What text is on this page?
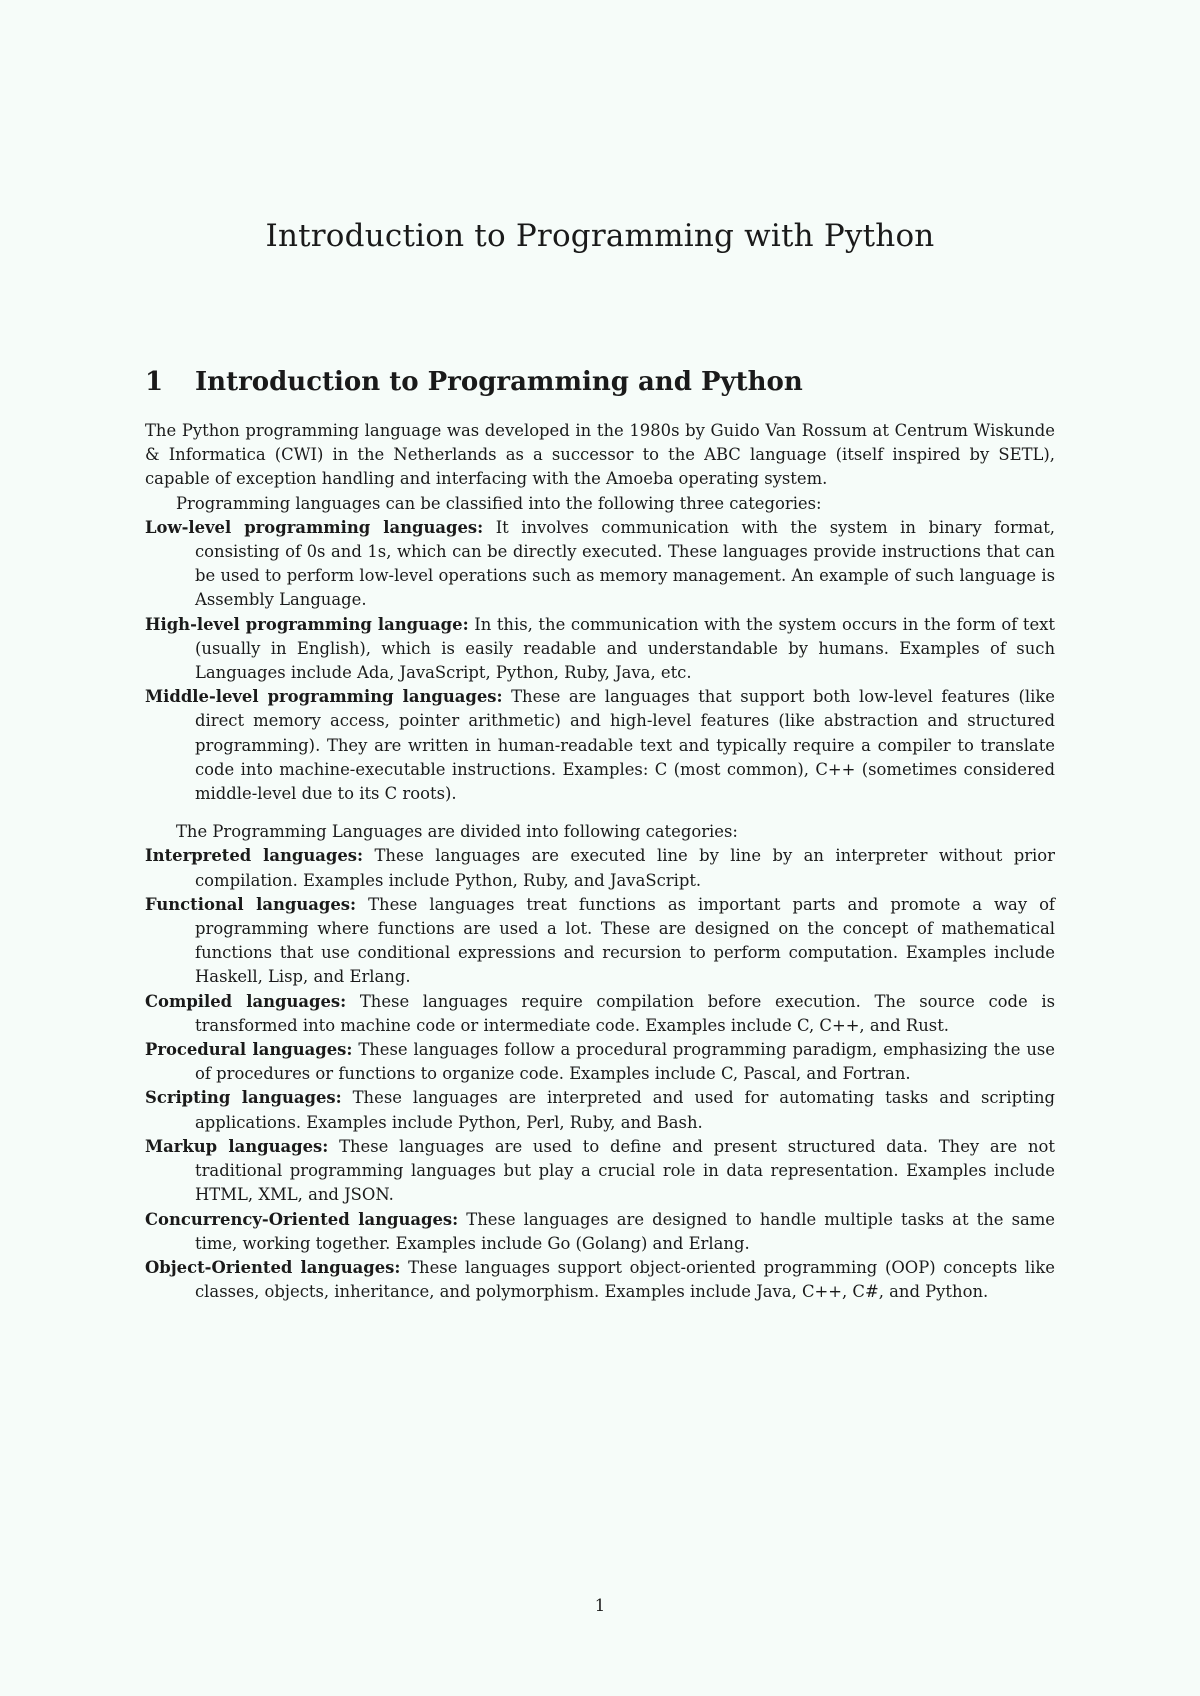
Introduction to Programming with Python
1 Introduction to Programming and Python

The Python programming language was developed in the 1980s by Guido Van Rossum at Centrum Wiskunde & Informatica (CWI) in the Netherlands as a successor to the ABC language (itself inspired by SETL), capable of exception handling and interfacing with the Amoeba operating system.

Programming languages can be classified into the following three categories:

Low-level programming languages: It involves communication with the system in binary format, consisting of 0s and 1s, which can be directly executed. These languages provide instructions that can be used to perform low-level operations such as memory management. An example of such language is Assembly Language.

High-level programming language: In this, the communication with the system occurs in the form of text (usually in English), which is easily readable and understandable by humans. Examples of such Languages include Ada, JavaScript, Python, Ruby, Java, etc.

Middle-level programming languages: These are languages that support both low-level features (like direct memory access, pointer arithmetic) and high-level features (like abstraction and structured programming). They are written in human-readable text and typically require a compiler to translate code into machine-executable instructions. Examples: C (most common), C++ (sometimes considered middle-level due to its C roots).

The Programming Languages are divided into following categories:

Interpreted languages: These languages are executed line by line by an interpreter without prior compilation. Examples include Python, Ruby, and JavaScript.

Functional languages: These languages treat functions as important parts and promote a way of programming where functions are used a lot. These are designed on the concept of mathematical functions that use conditional expressions and recursion to perform computation. Examples include Haskell, Lisp, and Erlang.

Compiled languages: These languages require compilation before execution. The source code is transformed into machine code or intermediate code. Examples include C, C++, and Rust.

Procedural languages: These languages follow a procedural programming paradigm, emphasizing the use of procedures or functions to organize code. Examples include C, Pascal, and Fortran.

Scripting languages: These languages are interpreted and used for automating tasks and scripting applications. Examples include Python, Perl, Ruby, and Bash.

Markup languages: These languages are used to define and present structured data. They are not traditional programming languages but play a crucial role in data representation. Examples include HTML, XML, and JSON.

Concurrency-Oriented languages: These languages are designed to handle multiple tasks at the same time, working together. Examples include Go (Golang) and Erlang.

Object-Oriented languages: These languages support object-oriented programming (OOP) concepts like classes, objects, inheritance, and polymorphism. Examples include Java, C++, C#, and Python.

1
